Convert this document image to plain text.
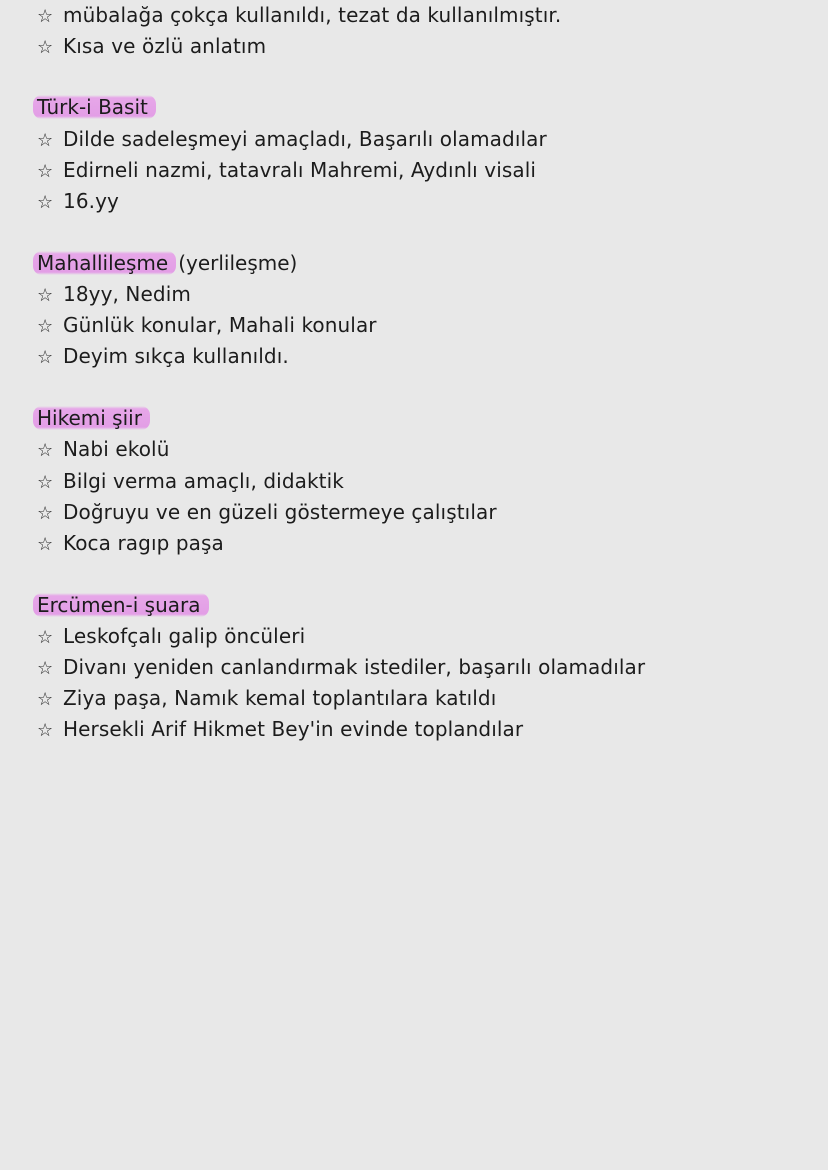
☆ mübalağa çokça kullanıldı, tezat da kullanılmıştır.
☆ Kısa ve özlü anlatım
Türk-i Basit
☆ Dilde sadeleşmeyi amaçladı, Başarılı olamadılar
☆ Edirneli nazmi, tatavralı Mahremi, Aydınlı visali
☆ 16.yy
Mahallileşme (yerlileşme)
☆ 18yy, Nedim
☆ Günlük konular, Mahali konular
☆ Deyim sıkça kullanıldı.
Hikemi şiir
☆ Nabi ekolü
☆ Bilgi verma amaçlı, didaktik
☆ Doğruyu ve en güzeli göstermeye çalıştılar
☆ Koca ragıp paşa
Ercümen-i şuara
☆ Leskofçalı galip öncüleri
☆ Divanı yeniden canlandırmak istediler, başarılı olamadılar
☆ Ziya paşa, Namık kemal toplantılara katıldı
☆ Hersekli Arif Hikmet Bey'in evinde toplandılar
